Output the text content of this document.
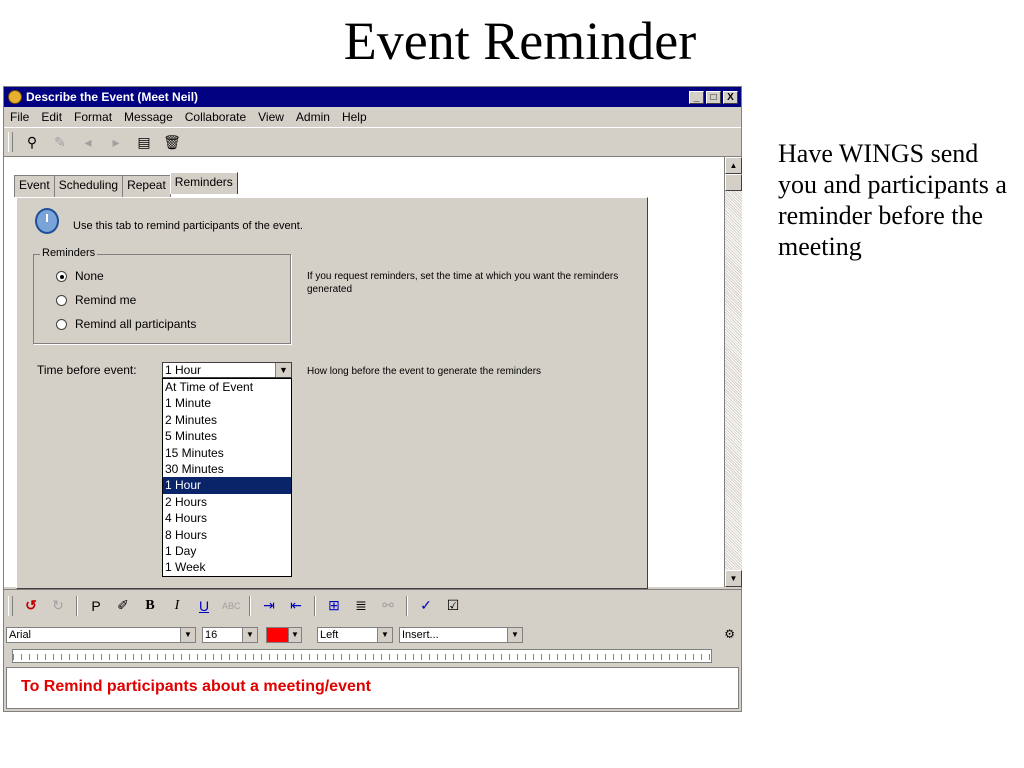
Event Reminder
Have WINGS send you and participants a reminder before the meeting
Describe the Event (Meet Neil)	_	□	X
File Edit Format Message Collaborate View Admin Help
⚲ ✎	◂	▸	▤ 🗑
Event Scheduling Repeat Reminders
Use this tab to remind participants of the event.
Reminders
None
Remind me
Remind all participants
If you request reminders, set the time at which you want the reminders generated
Time before event: 1 Hour	▼	How long before the event to generate the reminders
At Time of Event
1 Minute
2 Minutes
5 Minutes
15 Minutes
30 Minutes
1 Hour
2 Hours
4 Hours
8 Hours
1 Day
1 Week
▲
▼
↺ ↻	P	✐	B	I	U	ABC ⇥ ⇤ ⊞ ≣ ⚯ ✓ ☑
Arial	▼ 16	▼	▼ Left	▼ Insert...	▼	⚙
To Remind participants about a meeting/event
